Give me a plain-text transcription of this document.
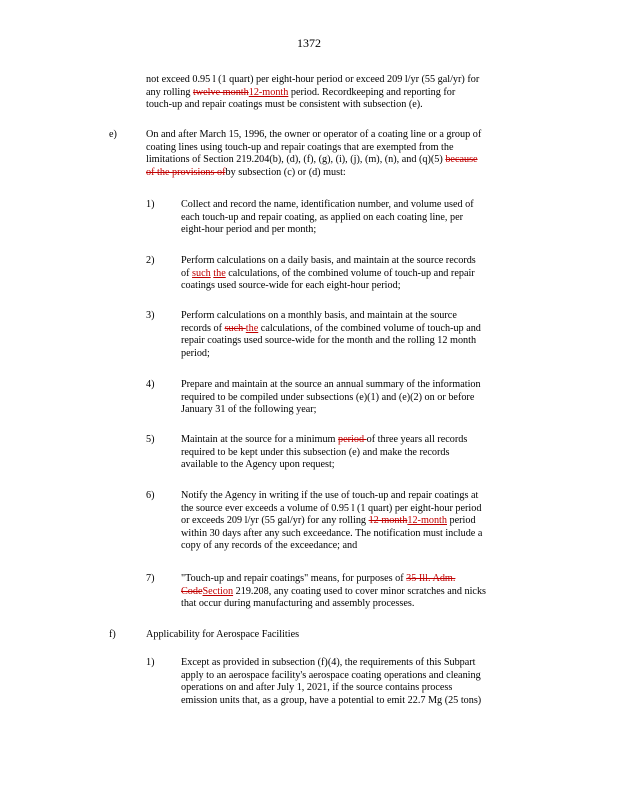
1372
not exceed 0.95 l (1 quart) per eight-hour period or exceed 209 l/yr (55 gal/yr) for
any rolling twelve month12-month period. Recordkeeping and reporting for
touch-up and repair coatings must be consistent with subsection (e).
e)	On and after March 15, 1996, the owner or operator of a coating line or a group of
coating lines using touch-up and repair coatings that are exempted from the
limitations of Section 219.204(b), (d), (f), (g), (i), (j), (m), (n), and (q)(5) because
of the provisions ofby subsection (c) or (d) must:
1)	Collect and record the name, identification number, and volume used of
each touch-up and repair coating, as applied on each coating line, per
eight-hour period and per month;
2)	Perform calculations on a daily basis, and maintain at the source records
of such the calculations, of the combined volume of touch-up and repair
coatings used source-wide for each eight-hour period;
3)	Perform calculations on a monthly basis, and maintain at the source
records of such the calculations, of the combined volume of touch-up and
repair coatings used source-wide for the month and the rolling 12 month
period;
4)	Prepare and maintain at the source an annual summary of the information
required to be compiled under subsections (e)(1) and (e)(2) on or before
January 31 of the following year;
5)	Maintain at the source for a minimum period of three years all records
required to be kept under this subsection (e) and make the records
available to the Agency upon request;
6)	Notify the Agency in writing if the use of touch-up and repair coatings at
the source ever exceeds a volume of 0.95 l (1 quart) per eight-hour period
or exceeds 209 l/yr (55 gal/yr) for any rolling 12 month12-month period
within 30 days after any such exceedance. The notification must include a
copy of any records of the exceedance; and
7)	"Touch-up and repair coatings" means, for purposes of 35 Ill. Adm.
CodeSection 219.208, any coating used to cover minor scratches and nicks
that occur during manufacturing and assembly processes.
f)	Applicability for Aerospace Facilities
1)	Except as provided in subsection (f)(4), the requirements of this Subpart
apply to an aerospace facility's aerospace coating operations and cleaning
operations on and after July 1, 2021, if the source contains process
emission units that, as a group, have a potential to emit 22.7 Mg (25 tons)
